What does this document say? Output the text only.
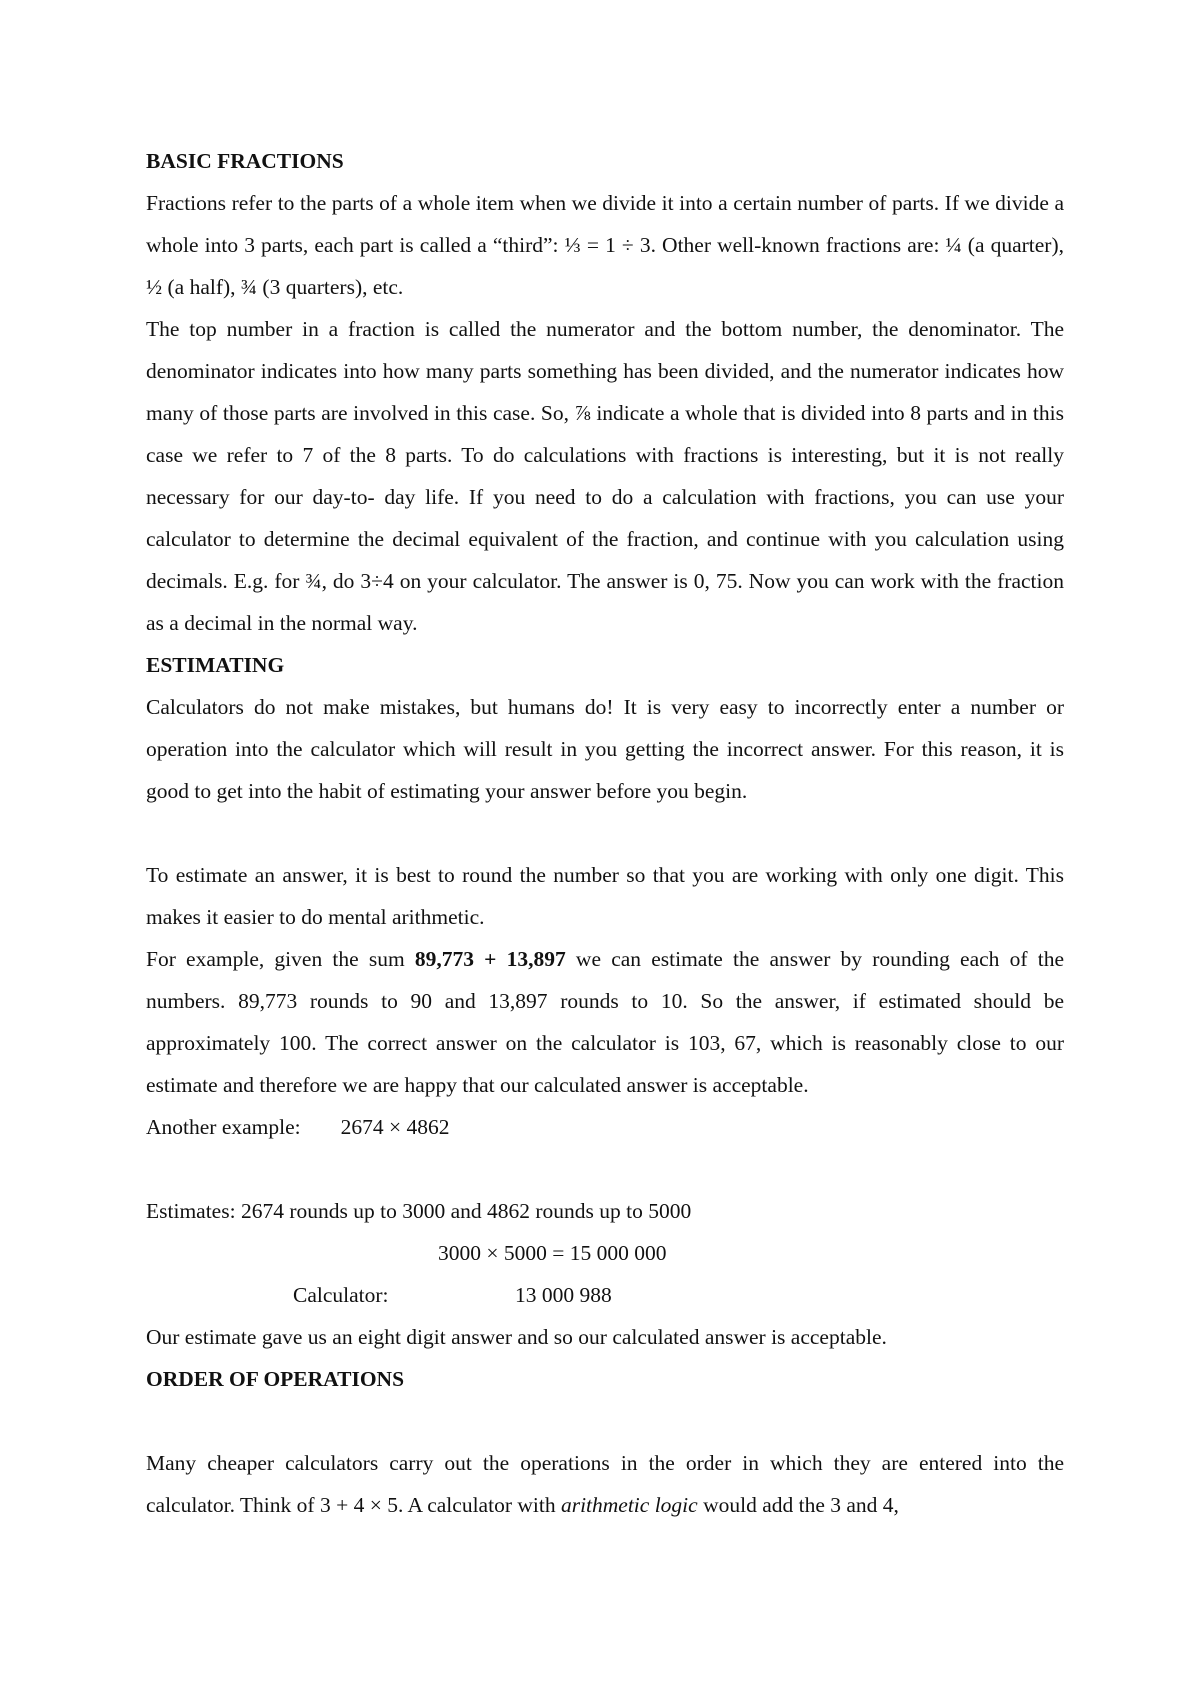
BASIC FRACTIONS

Fractions refer to the parts of a whole item when we divide it into a certain number of parts. If we divide a whole into 3 parts, each part is called a “third”: ⅓ = 1 ÷ 3. Other well-known fractions are: ¼ (a quarter), ½ (a half), ¾ (3 quarters), etc.

The top number in a fraction is called the numerator and the bottom number, the denominator. The denominator indicates into how many parts something has been divided, and the numerator indicates how many of those parts are involved in this case. So, ⅞ indicate a whole that is divided into 8 parts and in this case we refer to 7 of the 8 parts. To do calculations with fractions is interesting, but it is not really necessary for our day-to- day life. If you need to do a calculation with fractions, you can use your calculator to determine the decimal equivalent of the fraction, and continue with you calculation using decimals. E.g. for ¾, do 3÷4 on your calculator. The answer is 0, 75. Now you can work with the fraction as a decimal in the normal way.

ESTIMATING

Calculators do not make mistakes, but humans do! It is very easy to incorrectly enter a number or operation into the calculator which will result in you getting the incorrect answer. For this reason, it is good to get into the habit of estimating your answer before you begin.

To estimate an answer, it is best to round the number so that you are working with only one digit. This makes it easier to do mental arithmetic.

For example, given the sum 89,773 + 13,897 we can estimate the answer by rounding each of the numbers. 89,773 rounds to 90 and 13,897 rounds to 10. So the answer, if estimated should be approximately 100. The correct answer on the calculator is 103, 67, which is reasonably close to our estimate and therefore we are happy that our calculated answer is acceptable.

Another example: 2674 × 4862

Estimates: 2674 rounds up to 3000 and 4862 rounds up to 5000

3000 × 5000 = 15 000 000

Calculator:	13 000 988

Our estimate gave us an eight digit answer and so our calculated answer is acceptable.

ORDER OF OPERATIONS

Many cheaper calculators carry out the operations in the order in which they are entered into the calculator. Think of 3 + 4 × 5. A calculator with arithmetic logic would add the 3 and 4,
